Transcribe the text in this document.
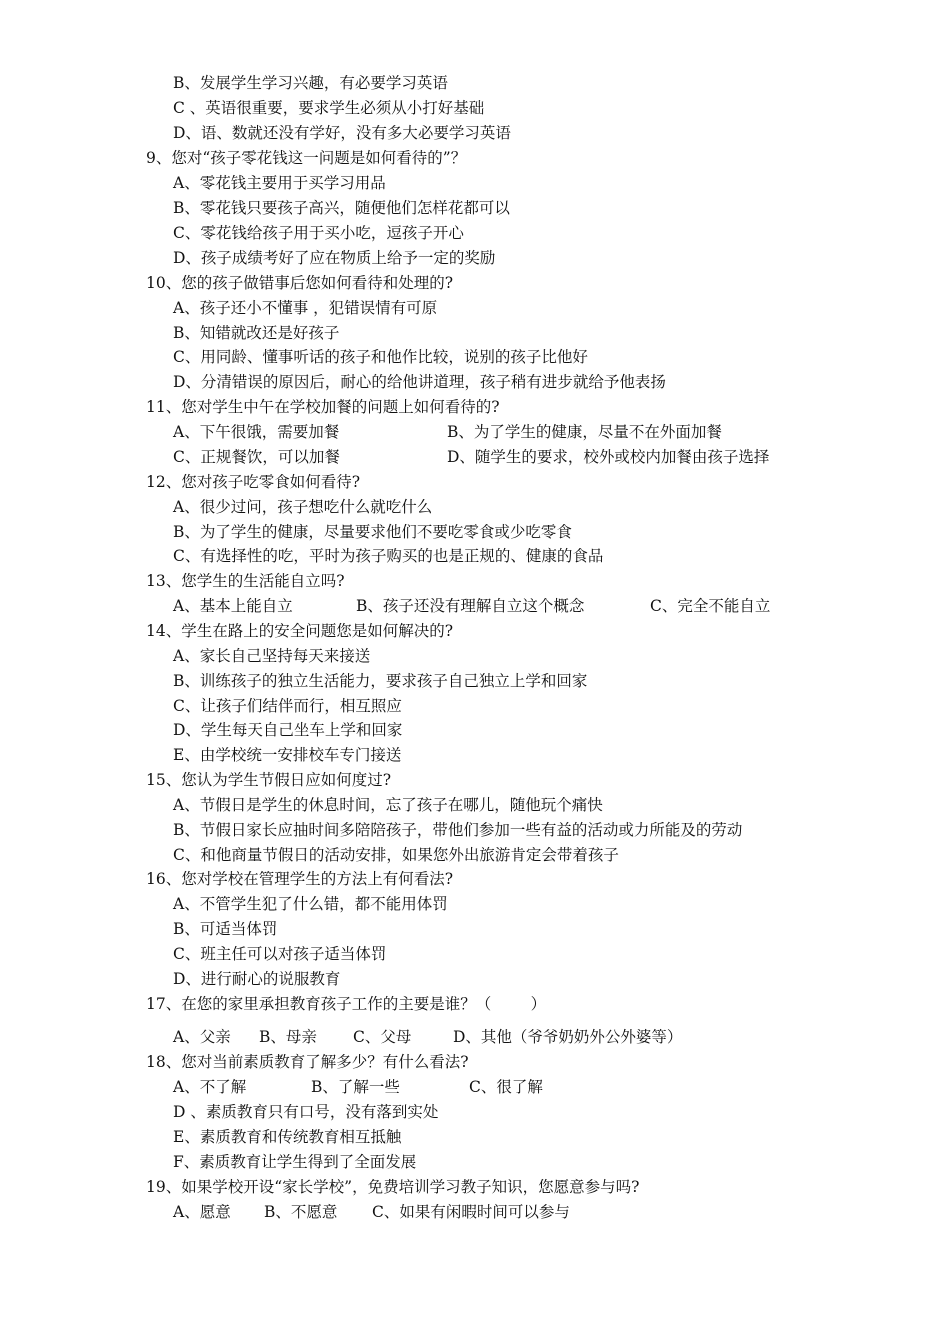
B、发展学生学习兴趣，有必要学习英语
C 、英语很重要，要求学生必须从小打好基础
D、语、数就还没有学好，没有多大必要学习英语
9、您对“孩子零花钱这一问题是如何看待的”？
A、零花钱主要用于买学习用品
B、零花钱只要孩子高兴，随便他们怎样花都可以
C、零花钱给孩子用于买小吃，逗孩子开心
D、孩子成绩考好了应在物质上给予一定的奖励
10、您的孩子做错事后您如何看待和处理的?
A、孩子还小不懂事 ，犯错误情有可原
B、知错就改还是好孩子
C、用同龄、懂事听话的孩子和他作比较，说别的孩子比他好
D、分清错误的原因后，耐心的给他讲道理，孩子稍有进步就给予他表扬
11、您对学生中午在学校加餐的问题上如何看待的?
A、下午很饿，需要加餐	B、为了学生的健康，尽量不在外面加餐
C、正规餐饮，可以加餐	D、随学生的要求，校外或校内加餐由孩子选择
12、您对孩子吃零食如何看待?
A、很少过问，孩子想吃什么就吃什么
B、为了学生的健康，尽量要求他们不要吃零食或少吃零食
C、有选择性的吃，平时为孩子购买的也是正规的、健康的食品
13、您学生的生活能自立吗?
A、基本上能自立	B、孩子还没有理解自立这个概念	C、完全不能自立
14、学生在路上的安全问题您是如何解决的?
A、家长自己坚持每天来接送
B、训练孩子的独立生活能力，要求孩子自己独立上学和回家
C、让孩子们结伴而行，相互照应
D、学生每天自己坐车上学和回家
E、由学校统一安排校车专门接送
15、您认为学生节假日应如何度过?
A、节假日是学生的休息时间，忘了孩子在哪儿，随他玩个痛快
B、节假日家长应抽时间多陪陪孩子，带他们参加一些有益的活动或力所能及的劳动
C、和他商量节假日的活动安排，如果您外出旅游肯定会带着孩子
16、您对学校在管理学生的方法上有何看法?
A、不管学生犯了什么错，都不能用体罚
B、可适当体罚
C、班主任可以对孩子适当体罚
D、进行耐心的说服教育
17、在您的家里承担教育孩子工作的主要是谁？（        ）
A、父亲 B、母亲 C、父母	D、其他（爷爷奶奶外公外婆等）
18、您对当前素质教育了解多少？有什么看法?
A、不了解	B、了解一些	C、很了解
D 、素质教育只有口号，没有落到实处
E、素质教育和传统教育相互抵触
F、素质教育让学生得到了全面发展
19、如果学校开设“家长学校”，免费培训学习教子知识，您愿意参与吗?
A、愿意 B、不愿意 C、如果有闲暇时间可以参与
